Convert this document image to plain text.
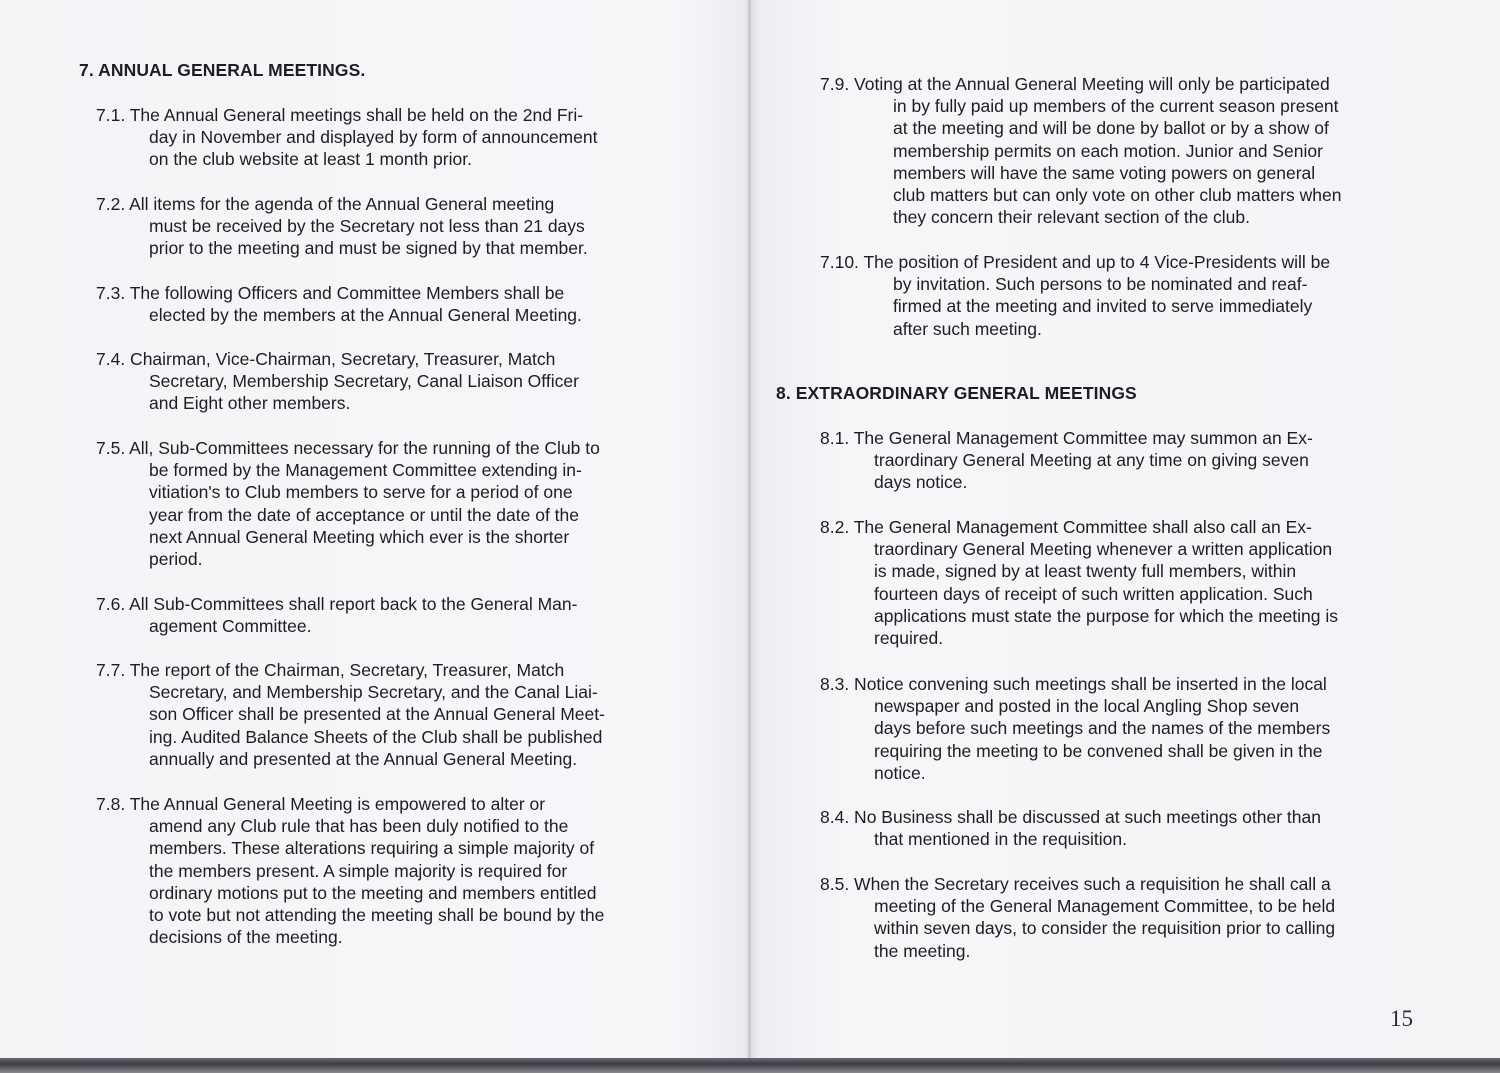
7. ANNUAL GENERAL MEETINGS.
7.1. The Annual General meetings shall be held on the 2nd Fri-
day in November and displayed by form of announcement
on the club website at least 1 month prior.
7.2. All items for the agenda of the Annual General meeting
must be received by the Secretary not less than 21 days
prior to the meeting and must be signed by that member.
7.3. The following Officers and Committee Members shall be
elected by the members at the Annual General Meeting.
7.4. Chairman, Vice-Chairman, Secretary, Treasurer, Match
Secretary, Membership Secretary, Canal Liaison Officer
and Eight other members.
7.5. All, Sub-Committees necessary for the running of the Club to
be formed by the Management Committee extending in-
vitiation's to Club members to serve for a period of one
year from the date of acceptance or until the date of the
next Annual General Meeting which ever is the shorter
period.
7.6. All Sub-Committees shall report back to the General Man-
agement Committee.
7.7. The report of the Chairman, Secretary, Treasurer, Match
Secretary, and Membership Secretary, and the Canal Liai-
son Officer shall be presented at the Annual General Meet-
ing. Audited Balance Sheets of the Club shall be published
annually and presented at the Annual General Meeting.
7.8. The Annual General Meeting is empowered to alter or
amend any Club rule that has been duly notified to the
members. These alterations requiring a simple majority of
the members present. A simple majority is required for
ordinary motions put to the meeting and members entitled
to vote but not attending the meeting shall be bound by the
decisions of the meeting.
7.9. Voting at the Annual General Meeting will only be participated
in by fully paid up members of the current season present
at the meeting and will be done by ballot or by a show of
membership permits on each motion. Junior and Senior
members will have the same voting powers on general
club matters but can only vote on other club matters when
they concern their relevant section of the club.
7.10. The position of President and up to 4 Vice-Presidents will be
by invitation. Such persons to be nominated and reaf-
firmed at the meeting and invited to serve immediately
after such meeting.
8. EXTRAORDINARY GENERAL MEETINGS
8.1. The General Management Committee may summon an Ex-
traordinary General Meeting at any time on giving seven
days notice.
8.2. The General Management Committee shall also call an Ex-
traordinary General Meeting whenever a written application
is made, signed by at least twenty full members, within
fourteen days of receipt of such written application. Such
applications must state the purpose for which the meeting is
required.
8.3. Notice convening such meetings shall be inserted in the local
newspaper and posted in the local Angling Shop seven
days before such meetings and the names of the members
requiring the meeting to be convened shall be given in the
notice.
8.4. No Business shall be discussed at such meetings other than
that mentioned in the requisition.
8.5. When the Secretary receives such a requisition he shall call a
meeting of the General Management Committee, to be held
within seven days, to consider the requisition prior to calling
the meeting.
15
